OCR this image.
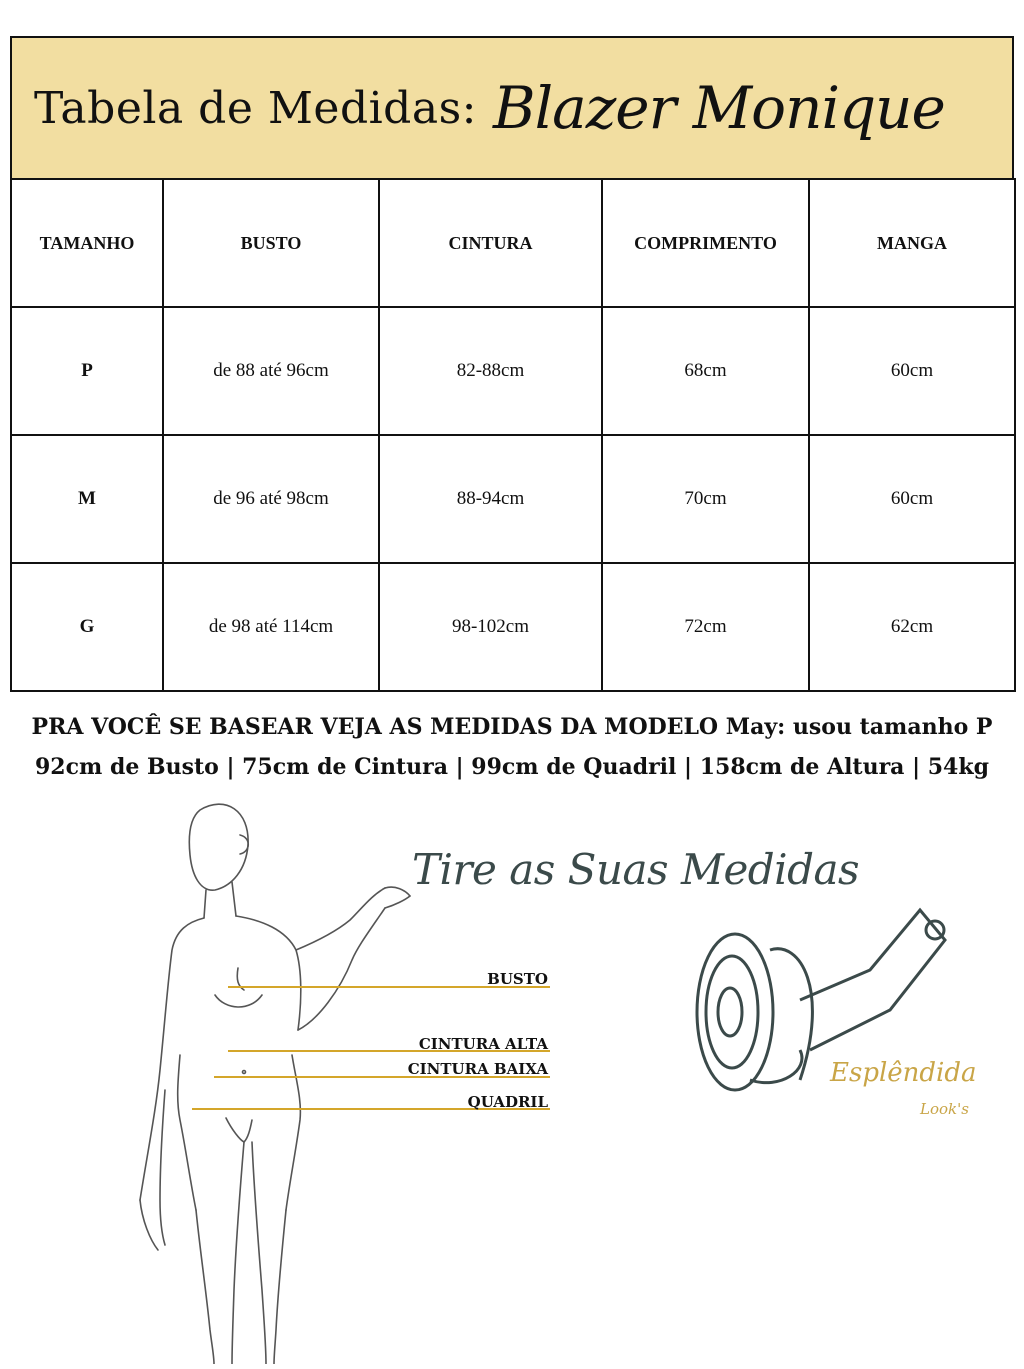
Tabela de Medidas: Blazer Monique
TAMANHO	BUSTO	CINTURA	COMPRIMENTO	MANGA
P	de 88 até 96cm	82-88cm	68cm	60cm
M	de 96 até 98cm	88-94cm	70cm	60cm
G	de 98 até 114cm	98-102cm	72cm	62cm
PRA VOCÊ SE BASEAR VEJA AS MEDIDAS DA MODELO May: usou tamanho P
92cm de Busto | 75cm de Cintura | 99cm de Quadril | 158cm de Altura | 54kg
BUSTO
CINTURA ALTA
CINTURA BAIXA
QUADRIL
Tire as Suas Medidas
Esplêndida
Look's
